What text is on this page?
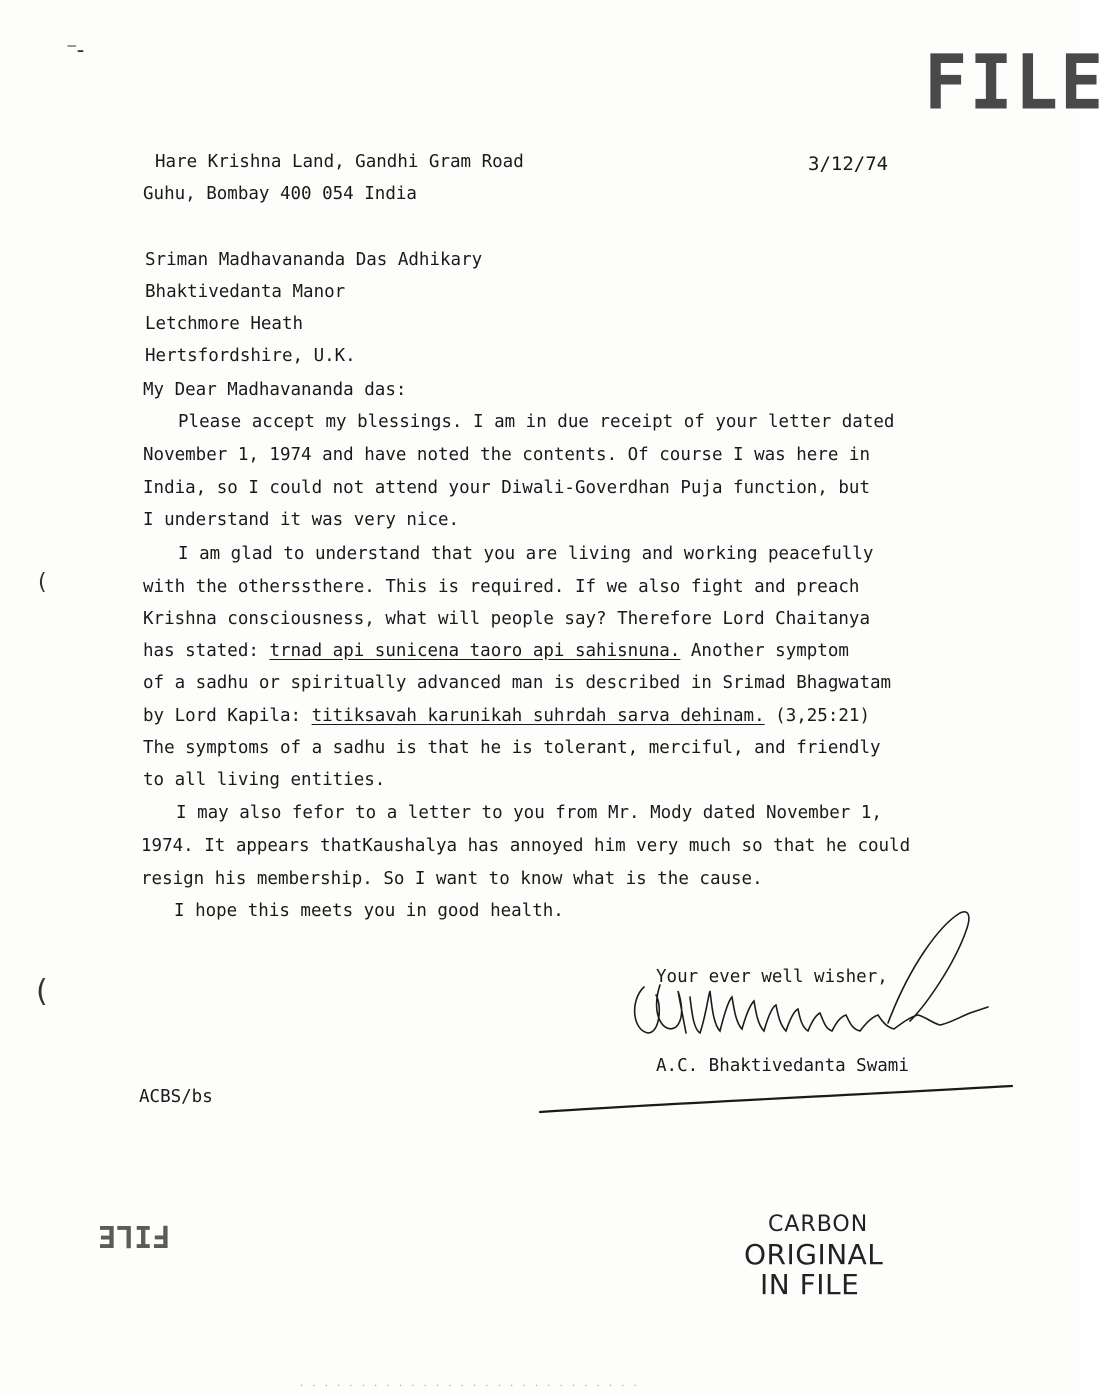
FILE
⁻ ̵
(
(
Hare Krishna Land, Gandhi Gram Road
Guhu, Bombay 400 054 India
3/12/74
Sriman Madhavananda Das Adhikary
Bhaktivedanta Manor
Letchmore Heath
Hertsfordshire, U.K.
My Dear Madhavananda das:
Please accept my blessings. I am in due receipt of your letter dated
November 1, 1974 and have noted the contents. Of course I was here in
India, so I could not attend your Diwali-Goverdhan Puja function, but
I understand it was very nice.
I am glad to understand that you are living and working peacefully
with the otherssthere. This is required. If we also fight and preach
Krishna consciousness, what will people say? Therefore Lord Chaitanya
has stated: trnad api sunicena taoro api sahisnuna. Another symptom
of a sadhu or spiritually advanced man is described in Srimad Bhagwatam
by Lord Kapila: titiksavah karunikah suhrdah sarva dehinam. (3,25:21)
The symptoms of a sadhu is that he is tolerant, merciful, and friendly
to all living entities.
I may also fefor to a letter to you from Mr. Mody dated November 1,
1974. It appears thatKaushalya has annoyed him very much so that he could
resign his membership. So I want to know what is the cause.
I hope this meets you in good health.
Your ever well wisher,
A.C. Bhaktivedanta Swami
ACBS/bs
FILE	CARBON
ORIGINAL
IN FILE
. . . . . . . . . . . . . . . . . . . . . . . . . . . .
